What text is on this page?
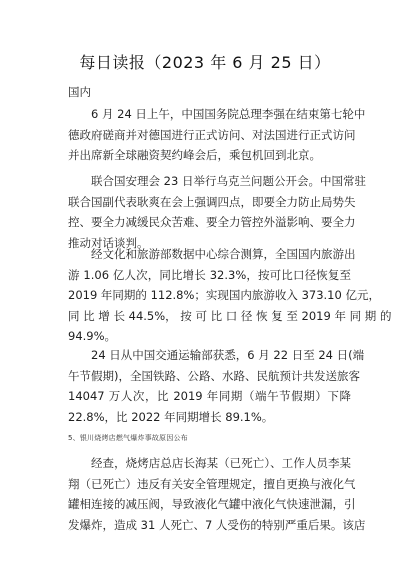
每日读报（2023 年 6 月 25 日）
国内
6 月 24 日上午，中国国务院总理李强在结束第七轮中
德政府磋商并对德国进行正式访问、对法国进行正式访问
并出席新全球融资契约峰会后，乘包机回到北京。
联合国安理会 23 日举行乌克兰问题公开会。中国常驻
联合国副代表耿爽在会上强调四点，即要全力防止局势失
控、要全力减缓民众苦难、要全力管控外溢影响、要全力
推动对话谈判。
经文化和旅游部数据中心综合测算，全国国内旅游出
游 1.06 亿人次，同比增长 32.3%，按可比口径恢复至
2019 年同期的 112.8%；实现国内旅游收入 373.10 亿元，
同 比 增 长 44.5%， 按 可 比 口 径 恢 复 至 2019 年 同 期 的
94.9%。
24 日从中国交通运输部获悉，6 月 22 日至 24 日(端
午节假期)，全国铁路、公路、水路、民航预计共发送旅客
14047 万人次，比 2019 年同期（端午节假期）下降
22.8%，比 2022 年同期增长 89.1%。
5、银川烧烤店燃气爆炸事故原因公布
经查，烧烤店总店长海某（已死亡）、工作人员李某
翔（已死亡）违反有关安全管理规定，擅自更换与液化气
罐相连接的减压阀，导致液化气罐中液化气快速泄漏，引
发爆炸，造成 31 人死亡、7 人受伤的特别严重后果。该店
